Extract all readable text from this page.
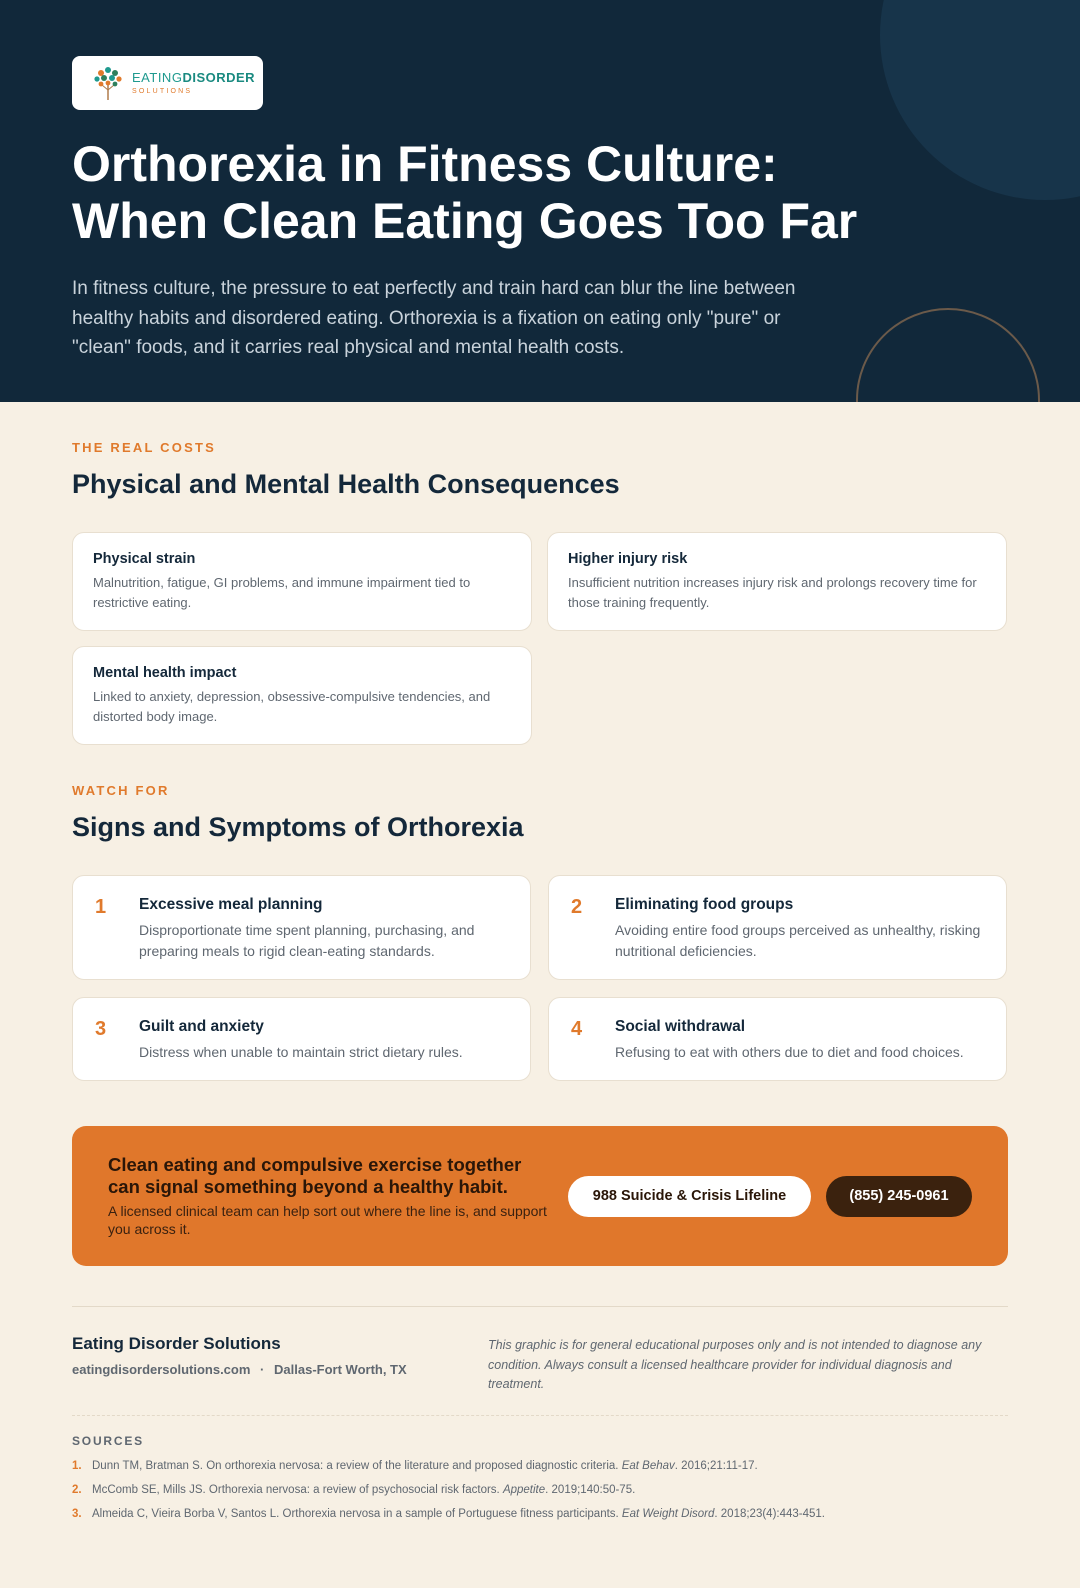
EATINGDISORDER
SOLUTIONS
Orthorexia in Fitness Culture: When Clean Eating Goes Too Far

In fitness culture, the pressure to eat perfectly and train hard can blur the line between healthy habits and disordered eating. Orthorexia is a fixation on eating only "pure" or "clean" foods, and it carries real physical and mental health costs.

THE REAL COSTS
Physical and Mental Health Consequences
Physical strain
Malnutrition, fatigue, GI problems, and immune impairment tied to restrictive eating.
Higher injury risk
Insufficient nutrition increases injury risk and prolongs recovery time for those training frequently.
Mental health impact
Linked to anxiety, depression, obsessive-compulsive tendencies, and distorted body image.
WATCH FOR
Signs and Symptoms of Orthorexia
1	Excessive meal planning
Disproportionate time spent planning, purchasing, and preparing meals to rigid clean-eating standards.
2	Eliminating food groups
Avoiding entire food groups perceived as unhealthy, risking nutritional deficiencies.
3	Guilt and anxiety
Distress when unable to maintain strict dietary rules.
4	Social withdrawal
Refusing to eat with others due to diet and food choices.
Clean eating and compulsive exercise together can signal something beyond a healthy habit.
A licensed clinical team can help sort out where the line is, and support you across it.
988 Suicide & Crisis Lifeline	(855) 245-0961
Eating Disorder Solutions
eatingdisordersolutions.com · Dallas-Fort Worth, TX
This graphic is for general educational purposes only and is not intended to diagnose any condition. Always consult a licensed healthcare provider for individual diagnosis and treatment.
SOURCES
1. Dunn TM, Bratman S. On orthorexia nervosa: a review of the literature and proposed diagnostic criteria. Eat Behav. 2016;21:11-17.
2. McComb SE, Mills JS. Orthorexia nervosa: a review of psychosocial risk factors. Appetite. 2019;140:50-75.
3. Almeida C, Vieira Borba V, Santos L. Orthorexia nervosa in a sample of Portuguese fitness participants. Eat Weight Disord. 2018;23(4):443-451.
